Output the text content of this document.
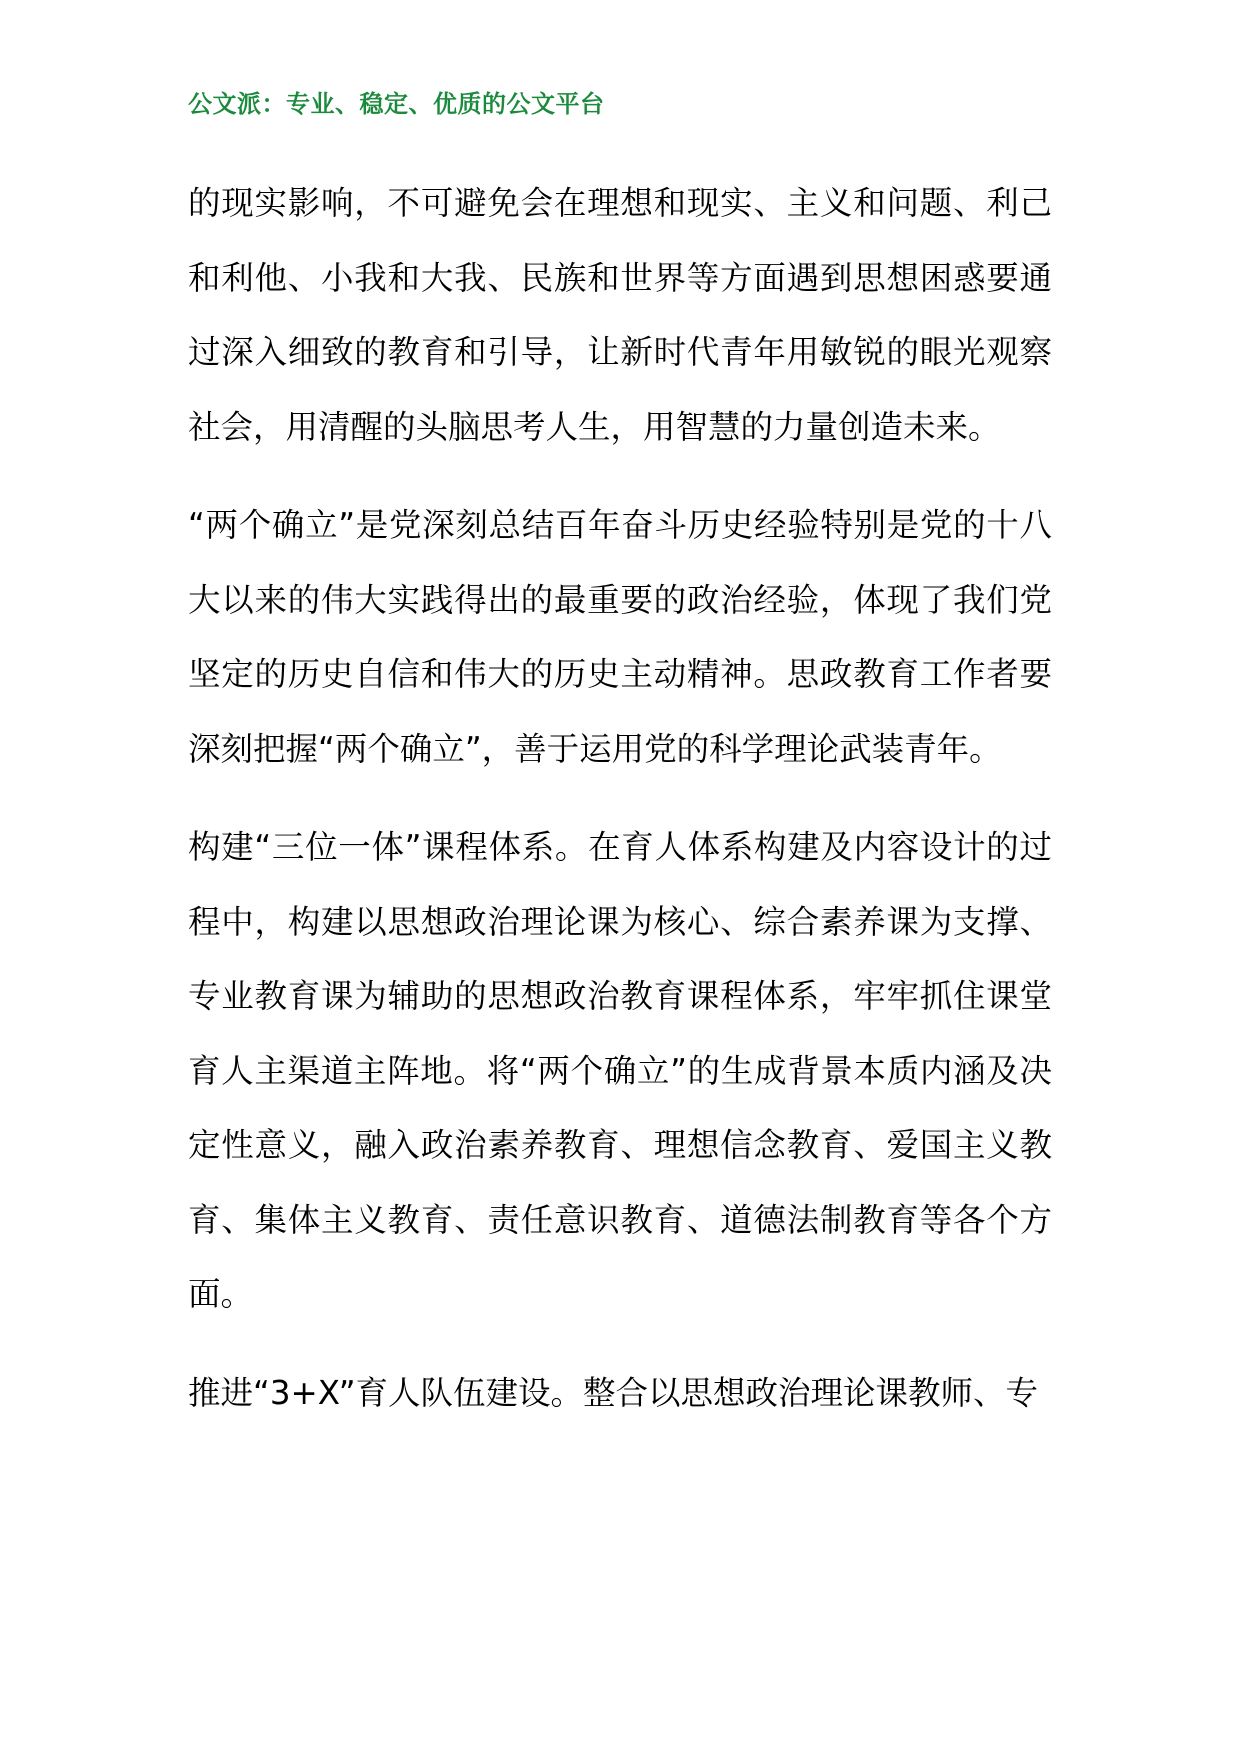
公文派：专业、稳定、优质的公文平台

的现实影响，不可避免会在理想和现实、主义和问题、利己和利他、小我和大我、民族和世界等方面遇到思想困惑要通过深入细致的教育和引导，让新时代青年用敏锐的眼光观察社会，用清醒的头脑思考人生，用智慧的力量创造未来。

“两个确立”是党深刻总结百年奋斗历史经验特别是党的十八大以来的伟大实践得出的最重要的政治经验，体现了我们党坚定的历史自信和伟大的历史主动精神。思政教育工作者要深刻把握“两个确立”，善于运用党的科学理论武装青年。

构建“三位一体”课程体系。在育人体系构建及内容设计的过程中，构建以思想政治理论课为核心、综合素养课为支撑、专业教育课为辅助的思想政治教育课程体系，牢牢抓住课堂育人主渠道主阵地。将“两个确立”的生成背景本质内涵及决定性意义，融入政治素养教育、理想信念教育、爱国主义教育、集体主义教育、责任意识教育、道德法制教育等各个方面。

推进“3+X”育人队伍建设。整合以思想政治理论课教师、专
